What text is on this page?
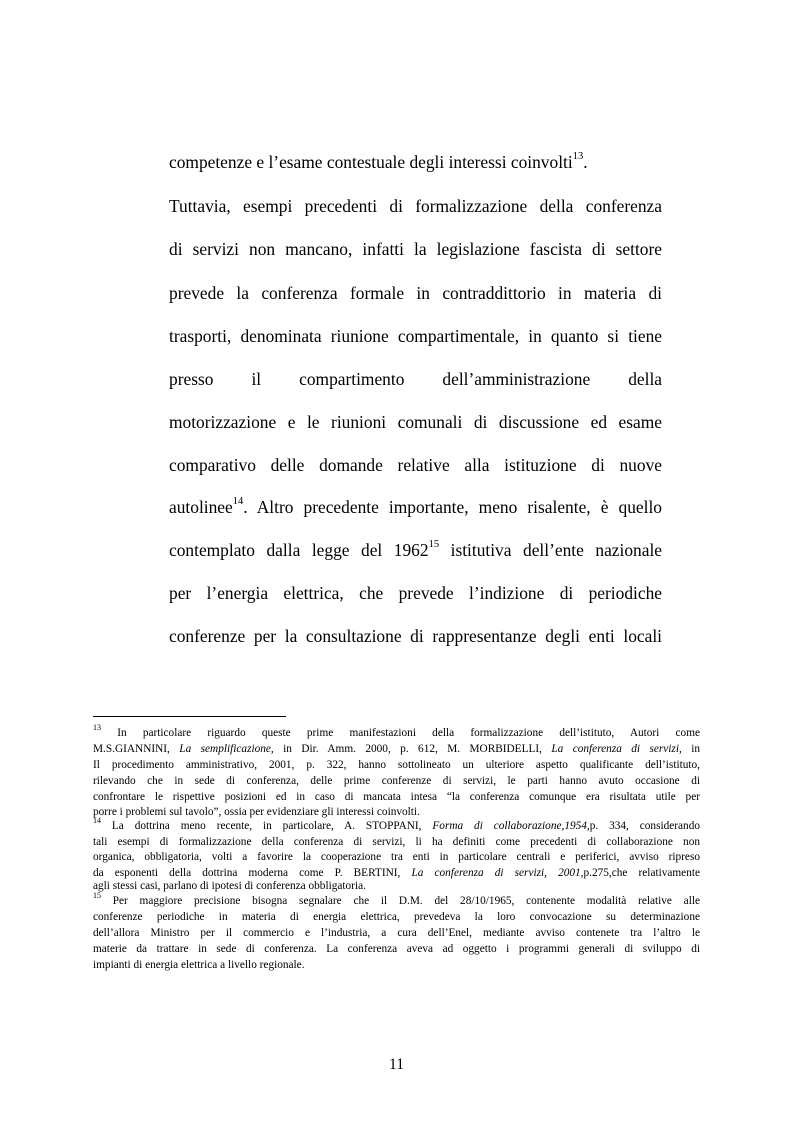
competenze e l’esame contestuale degli interessi coinvolti$^{13}$.
Tuttavia, esempi precedenti di formalizzazione della conferenza
di servizi non mancano, infatti la legislazione fascista di settore
prevede la conferenza formale in contraddittorio in materia di
trasporti, denominata riunione compartimentale, in quanto si tiene
presso il compartimento dell’amministrazione della
motorizzazione e le riunioni comunali di discussione ed esame
comparativo delle domande relative alla istituzione di nuove
autolinee$^{14}$. Altro precedente importante, meno risalente, è quello
contemplato dalla legge del 1962$^{15}$ istitutiva dell’ente nazionale
per l’energia elettrica, che prevede l’indizione di periodiche
conferenze per la consultazione di rappresentanze degli enti locali
$^{13}$ In particolare riguardo queste prime manifestazioni della formalizzazione dell’istituto, Autori come
M.S.GIANNINI, La semplificazione, in Dir. Amm. 2000, p. 612, M. MORBIDELLI, La conferenza di servizi, in
Il procedimento amministrativo, 2001, p. 322, hanno sottolineato un ulteriore aspetto qualificante dell’istituto,
rilevando che in sede di conferenza, delle prime conferenze di servizi, le parti hanno avuto occasione di
confrontare le rispettive posizioni ed in caso di mancata intesa “la conferenza comunque era risultata utile per
porre i problemi sul tavolo”, ossia per evidenziare gli interessi coinvolti.
$^{14}$ La dottrina meno recente, in particolare, A. STOPPANI, Forma di collaborazione,1954,p. 334, considerando
tali esempi di formalizzazione della conferenza di servizi, li ha definiti come precedenti di collaborazione non
organica, obbligatoria, volti a favorire la cooperazione tra enti in particolare centrali e periferici, avviso ripreso
da esponenti della dottrina moderna come P. BERTINI, La conferenza di servizi, 2001,p.275,che relativamente
agli stessi casi, parlano di ipotesi di conferenza obbligatoria.
$^{15}$ Per maggiore precisione bisogna segnalare che il D.M. del 28/10/1965, contenente modalità relative alle
conferenze periodiche in materia di energia elettrica, prevedeva la loro convocazione su determinazione
dell’allora Ministro per il commercio e l’industria, a cura dell’Enel, mediante avviso contenete tra l’altro le
materie da trattare in sede di conferenza. La conferenza aveva ad oggetto i programmi generali di sviluppo di
impianti di energia elettrica a livello regionale.
11
